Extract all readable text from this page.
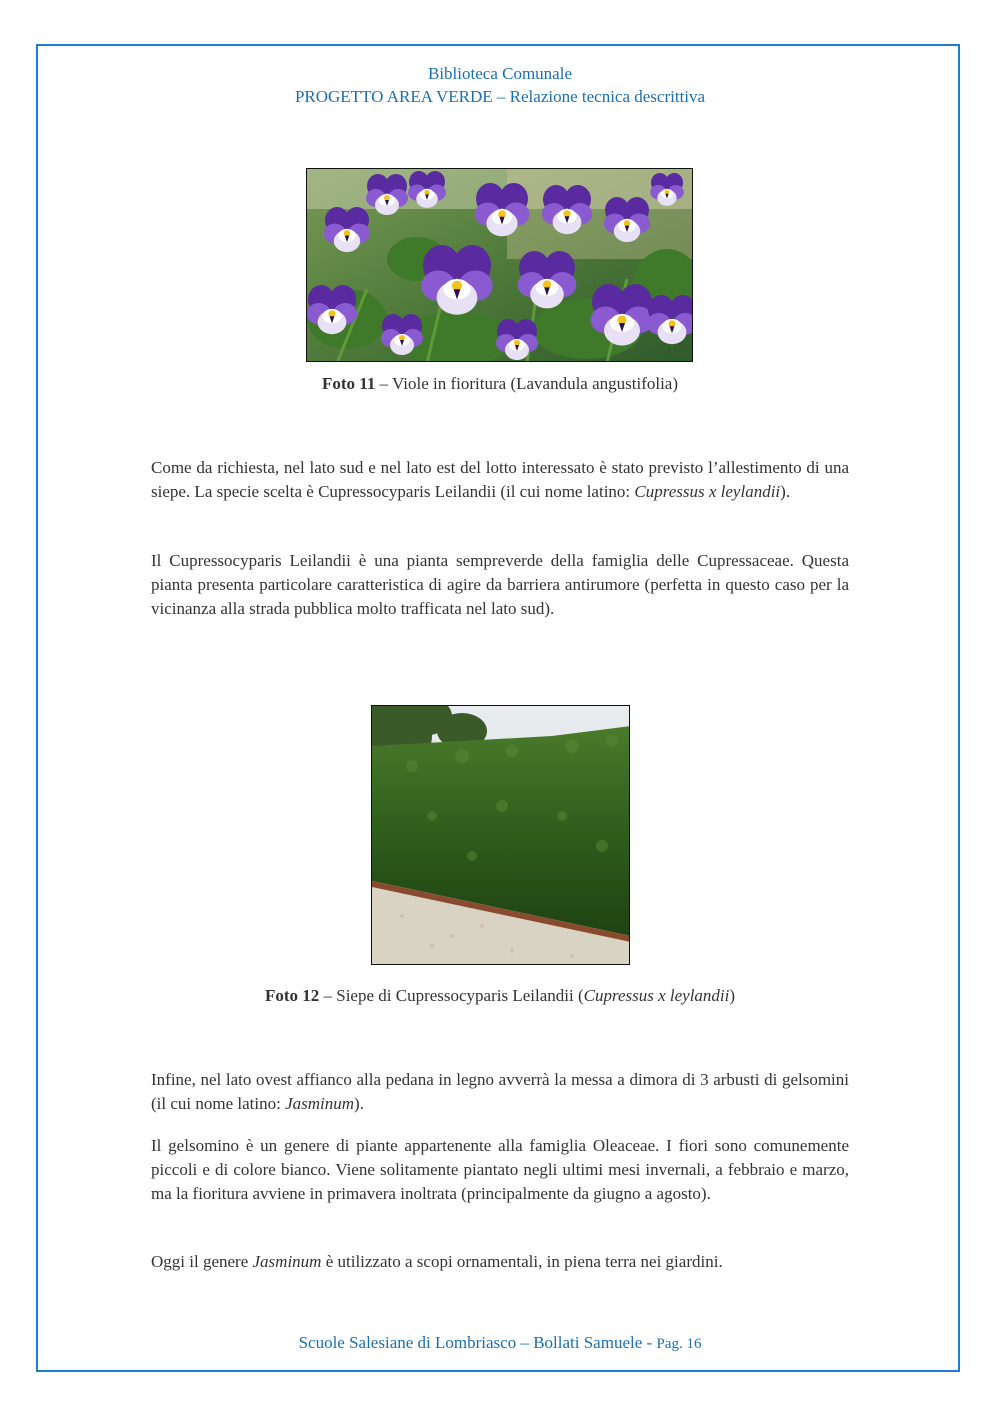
Biblioteca Comunale
PROGETTO AREA VERDE – Relazione tecnica descrittiva
Foto 11 – Viole in fioritura (Lavandula angustifolia)
Come da richiesta, nel lato sud e nel lato est del lotto interessato è stato previsto l’allestimento di una siepe. La specie scelta è Cupressocyparis Leilandii (il cui nome latino: Cupressus x leylandii).
Il Cupressocyparis Leilandii è una pianta sempreverde della famiglia delle Cupressaceae. Questa pianta presenta particolare caratteristica di agire da barriera antirumore (perfetta in questo caso per la vicinanza alla strada pubblica molto trafficata nel lato sud).
Foto 12 – Siepe di Cupressocyparis Leilandii (Cupressus x leylandii)
Infine, nel lato ovest affianco alla pedana in legno avverrà la messa a dimora di 3 arbusti di gelsomini (il cui nome latino: Jasminum).
Il gelsomino è un genere di piante appartenente alla famiglia Oleaceae. I fiori sono comunemente piccoli e di colore bianco. Viene solitamente piantato negli ultimi mesi invernali, a febbraio e marzo, ma la fioritura avviene in primavera inoltrata (principalmente da giugno a agosto).
Oggi il genere Jasminum è utilizzato a scopi ornamentali, in piena terra nei giardini.
Scuole Salesiane di Lombriasco – Bollati Samuele - Pag. 16
